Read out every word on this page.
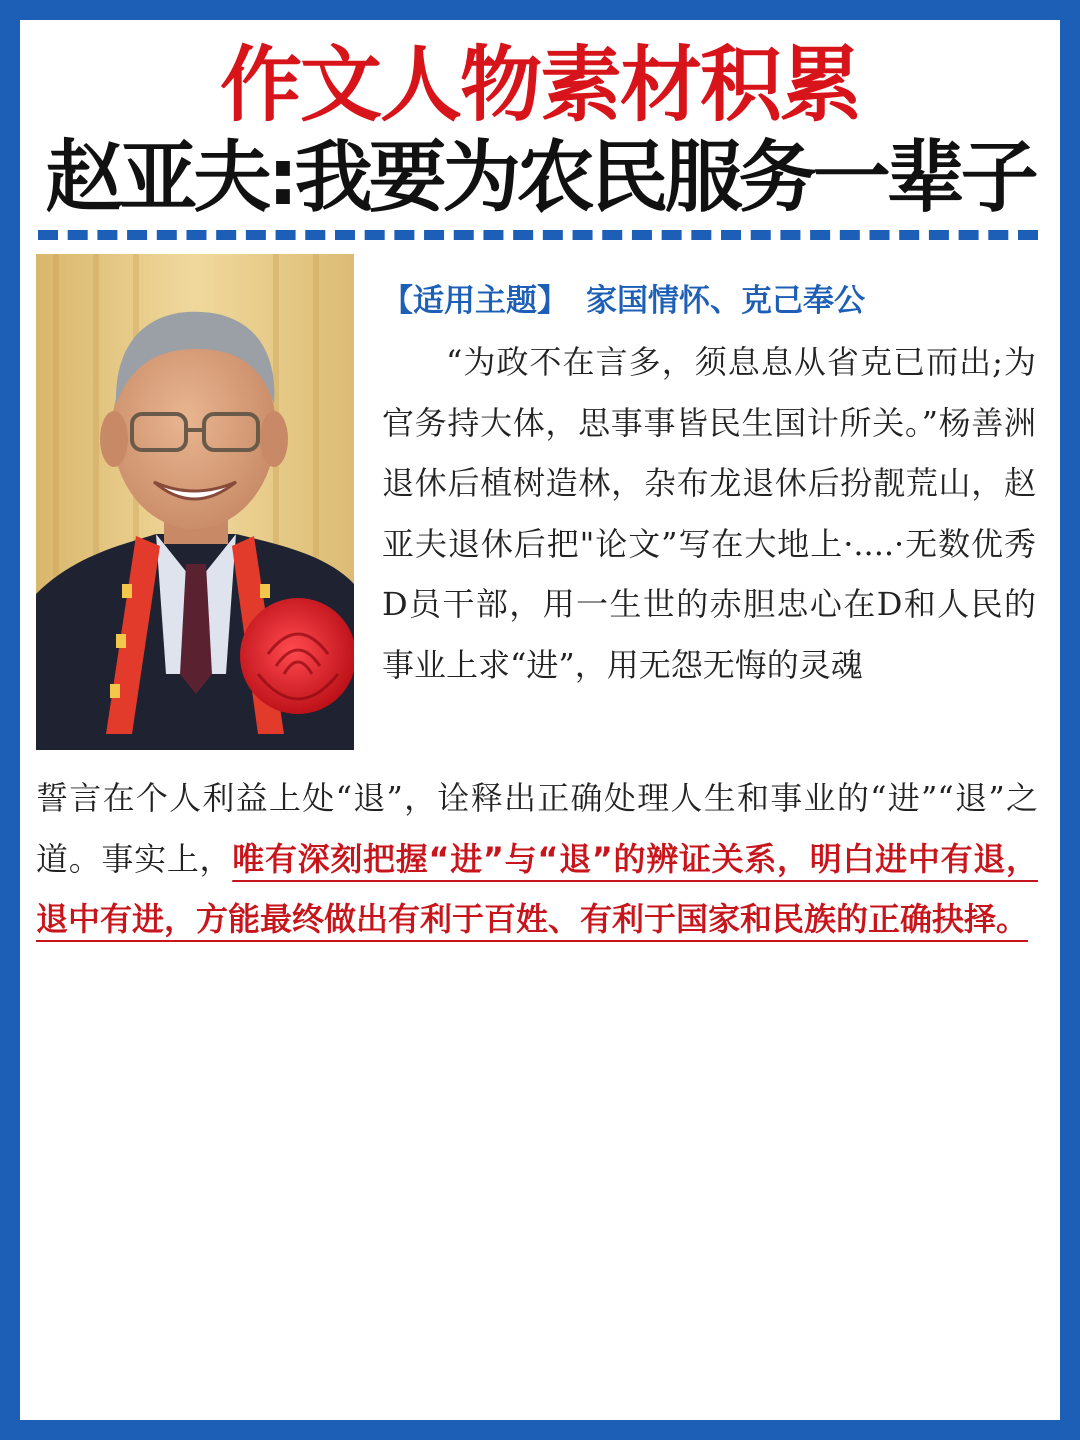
作文人物素材积累
赵亚夫:我要为农民服务一辈子
【适用主题】 家国情怀、克己奉公

“为政不在言多，须息息从省克已而出;为官务持大体，思事事皆民生国计所关。”杨善洲退休后植树造林，杂布龙退休后扮靓荒山，赵亚夫退休后把"论文”写在大地上·....·无数优秀D员干部，用一生世的赤胆忠心在D和人民的事业上求“进”，用无怨无悔的灵魂

誓言在个人利益上处“退”，诠释出正确处理人生和事业的“进”“退”之道。事实上，唯有深刻把握“进”与“退”的辨证关系，明白进中有退，退中有进，方能最终做出有利于百姓、有利于国家和民族的正确抉择。
